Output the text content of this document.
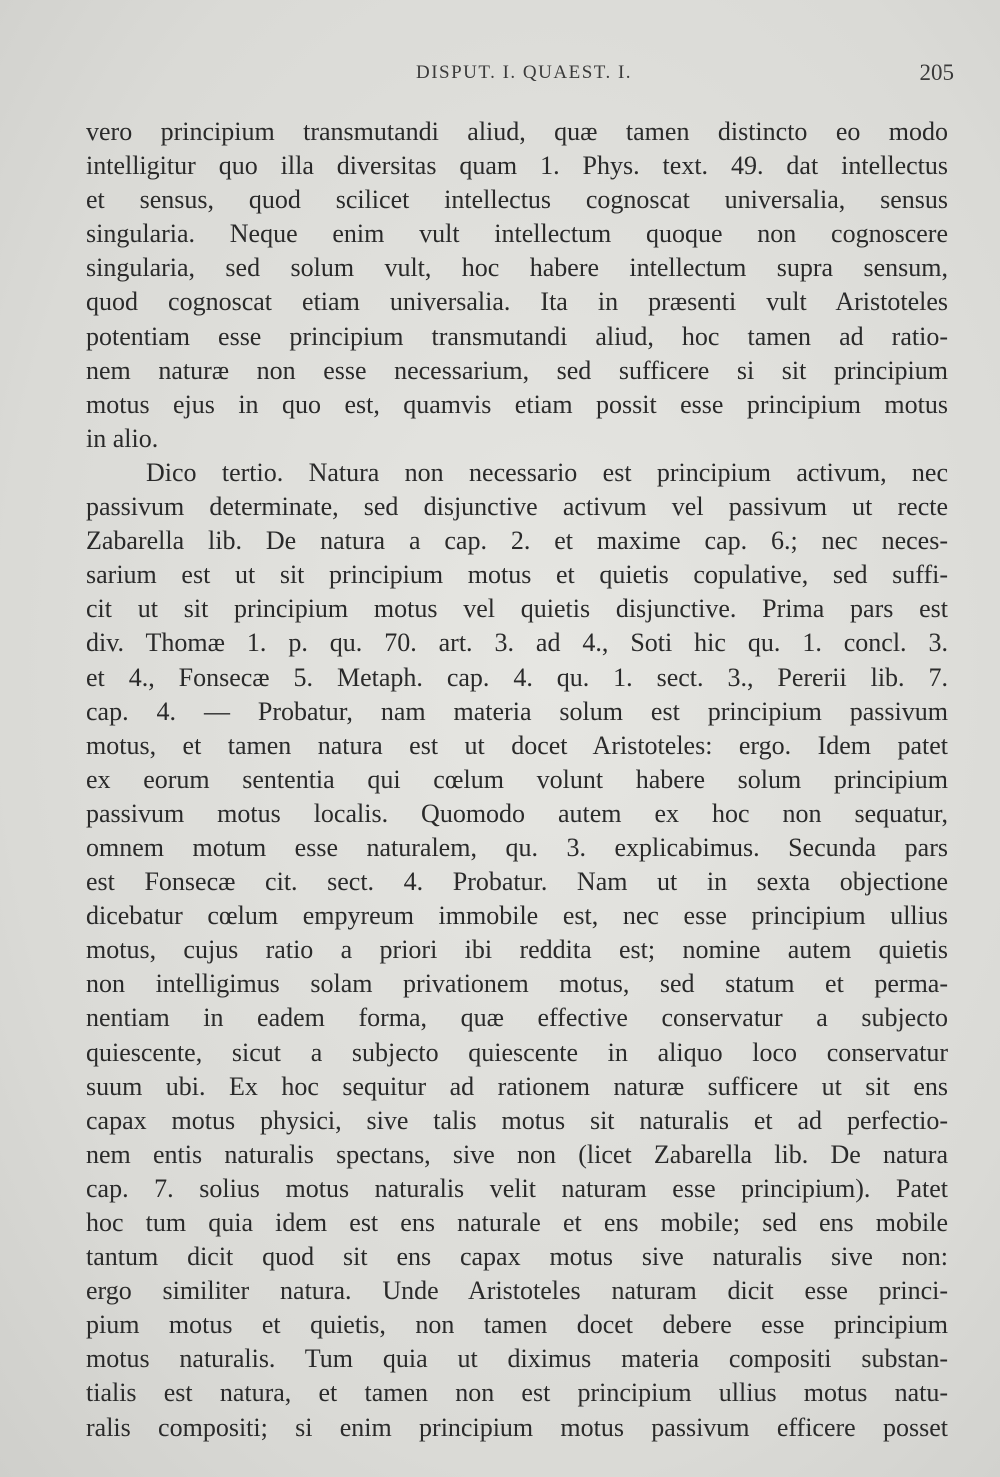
DISPUT. I. QUAEST. I.	205
vero principium transmutandi aliud, quæ tamen distincto eo modo
intelligitur quo illa diversitas quam 1. Phys. text. 49. dat intellectus
et sensus, quod scilicet intellectus cognoscat universalia, sensus
singularia. Neque enim vult intellectum quoque non cognoscere
singularia, sed solum vult, hoc habere intellectum supra sensum,
quod cognoscat etiam universalia. Ita in præsenti vult Aristoteles
potentiam esse principium transmutandi aliud, hoc tamen ad ratio-
nem naturæ non esse necessarium, sed sufficere si sit principium
motus ejus in quo est, quamvis etiam possit esse principium motus
in alio.
Dico tertio. Natura non necessario est principium activum, nec
passivum determinate, sed disjunctive activum vel passivum ut recte
Zabarella lib. De natura a cap. 2. et maxime cap. 6.; nec neces-
sarium est ut sit principium motus et quietis copulative, sed suffi-
cit ut sit principium motus vel quietis disjunctive. Prima pars est
div. Thomæ 1. p. qu. 70. art. 3. ad 4., Soti hic qu. 1. concl. 3.
et 4., Fonsecæ 5. Metaph. cap. 4. qu. 1. sect. 3., Pererii lib. 7.
cap. 4. — Probatur, nam materia solum est principium passivum
motus, et tamen natura est ut docet Aristoteles: ergo. Idem patet
ex eorum sententia qui cœlum volunt habere solum principium
passivum motus localis. Quomodo autem ex hoc non sequatur,
omnem motum esse naturalem, qu. 3. explicabimus. Secunda pars
est Fonsecæ cit. sect. 4. Probatur. Nam ut in sexta objectione
dicebatur cœlum empyreum immobile est, nec esse principium ullius
motus, cujus ratio a priori ibi reddita est; nomine autem quietis
non intelligimus solam privationem motus, sed statum et perma-
nentiam in eadem forma, quæ effective conservatur a subjecto
quiescente, sicut a subjecto quiescente in aliquo loco conservatur
suum ubi. Ex hoc sequitur ad rationem naturæ sufficere ut sit ens
capax motus physici, sive talis motus sit naturalis et ad perfectio-
nem entis naturalis spectans, sive non (licet Zabarella lib. De natura
cap. 7. solius motus naturalis velit naturam esse principium). Patet
hoc tum quia idem est ens naturale et ens mobile; sed ens mobile
tantum dicit quod sit ens capax motus sive naturalis sive non:
ergo similiter natura. Unde Aristoteles naturam dicit esse princi-
pium motus et quietis, non tamen docet debere esse principium
motus naturalis. Tum quia ut diximus materia compositi substan-
tialis est natura, et tamen non est principium ullius motus natu-
ralis compositi; si enim principium motus passivum efficere posset
